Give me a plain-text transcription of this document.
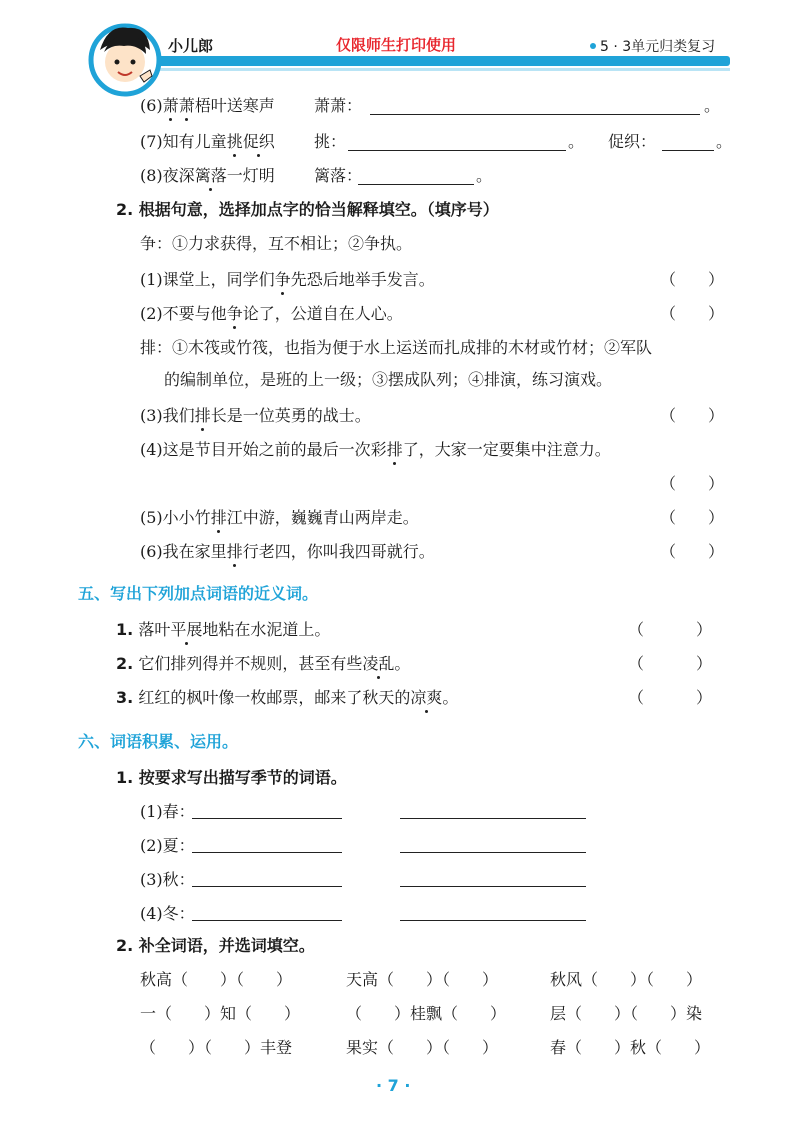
小儿郎	仅限师生打印使用	5 · 3单元归类复习
(6)萧萧梧叶送寒声 萧萧：	。
(7)知有儿童挑促织 挑：	。 促织：	。
(8)夜深篱落一灯明 篱落：	。
2. 根据句意，选择加点字的恰当解释填空。（填序号）
争：①力求获得，互不相让；②争执。
(1)课堂上，同学们争先恐后地举手发言。	（　　）
(2)不要与他争论了，公道自在人心。	（　　）
排：①木筏或竹筏，也指为便于水上运送而扎成排的木材或竹材；②军队
的编制单位，是班的上一级；③摆成队列；④排演，练习演戏。
(3)我们排长是一位英勇的战士。	（　　）
(4)这是节目开始之前的最后一次彩排了，大家一定要集中注意力。
（　　）
(5)小小竹排江中游，巍巍青山两岸走。	（　　）
(6)我在家里排行老四，你叫我四哥就行。	（　　）
五、写出下列加点词语的近义词。
1. 落叶平展地粘在水泥道上。	（　）
2. 它们排列得并不规则，甚至有些凌乱。	（　）
3. 红红的枫叶像一枚邮票，邮来了秋天的凉爽。	（　）
六、词语积累、运用。
1. 按要求写出描写季节的词语。
(1)春：
(2)夏：
(3)秋：
(4)冬：
2. 补全词语，并选词填空。
秋高（　　）（　　）	天高（　　）（　　）	秋风（　　）（　　）
一（　　）知（　　）	（　　）桂飘（　　）	层（　　）（　　）染
（　　）（　　）丰登	果实（　　）（　　）	春（　　）秋（　　）
· 7 ·
